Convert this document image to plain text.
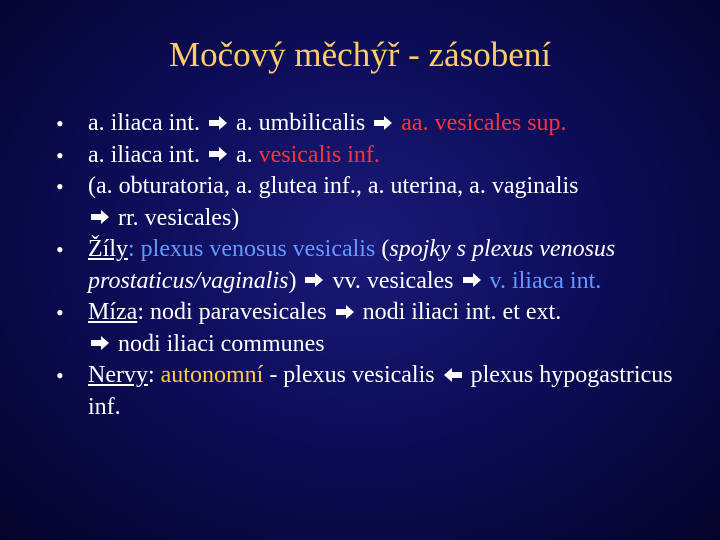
Močový měchýř - zásobení
• a. iliaca int. a. umbilicalis aa. vesicales sup.
• a. iliaca int. a. vesicalis inf.
• (a. obturatoria, a. glutea inf., a. uterina, a. vaginalis

rr. vesicales)
• Žíly: plexus venosus vesicalis (spojky s plexus venosus prostaticus/vaginalis)
vv. vesicales v. iliaca int.
• Míza: nodi paravesicales nodi iliaci int. et ext.

nodi iliaci communes
• Nervy: autonomní - plexus vesicalis plexus hypogastricus inf.
